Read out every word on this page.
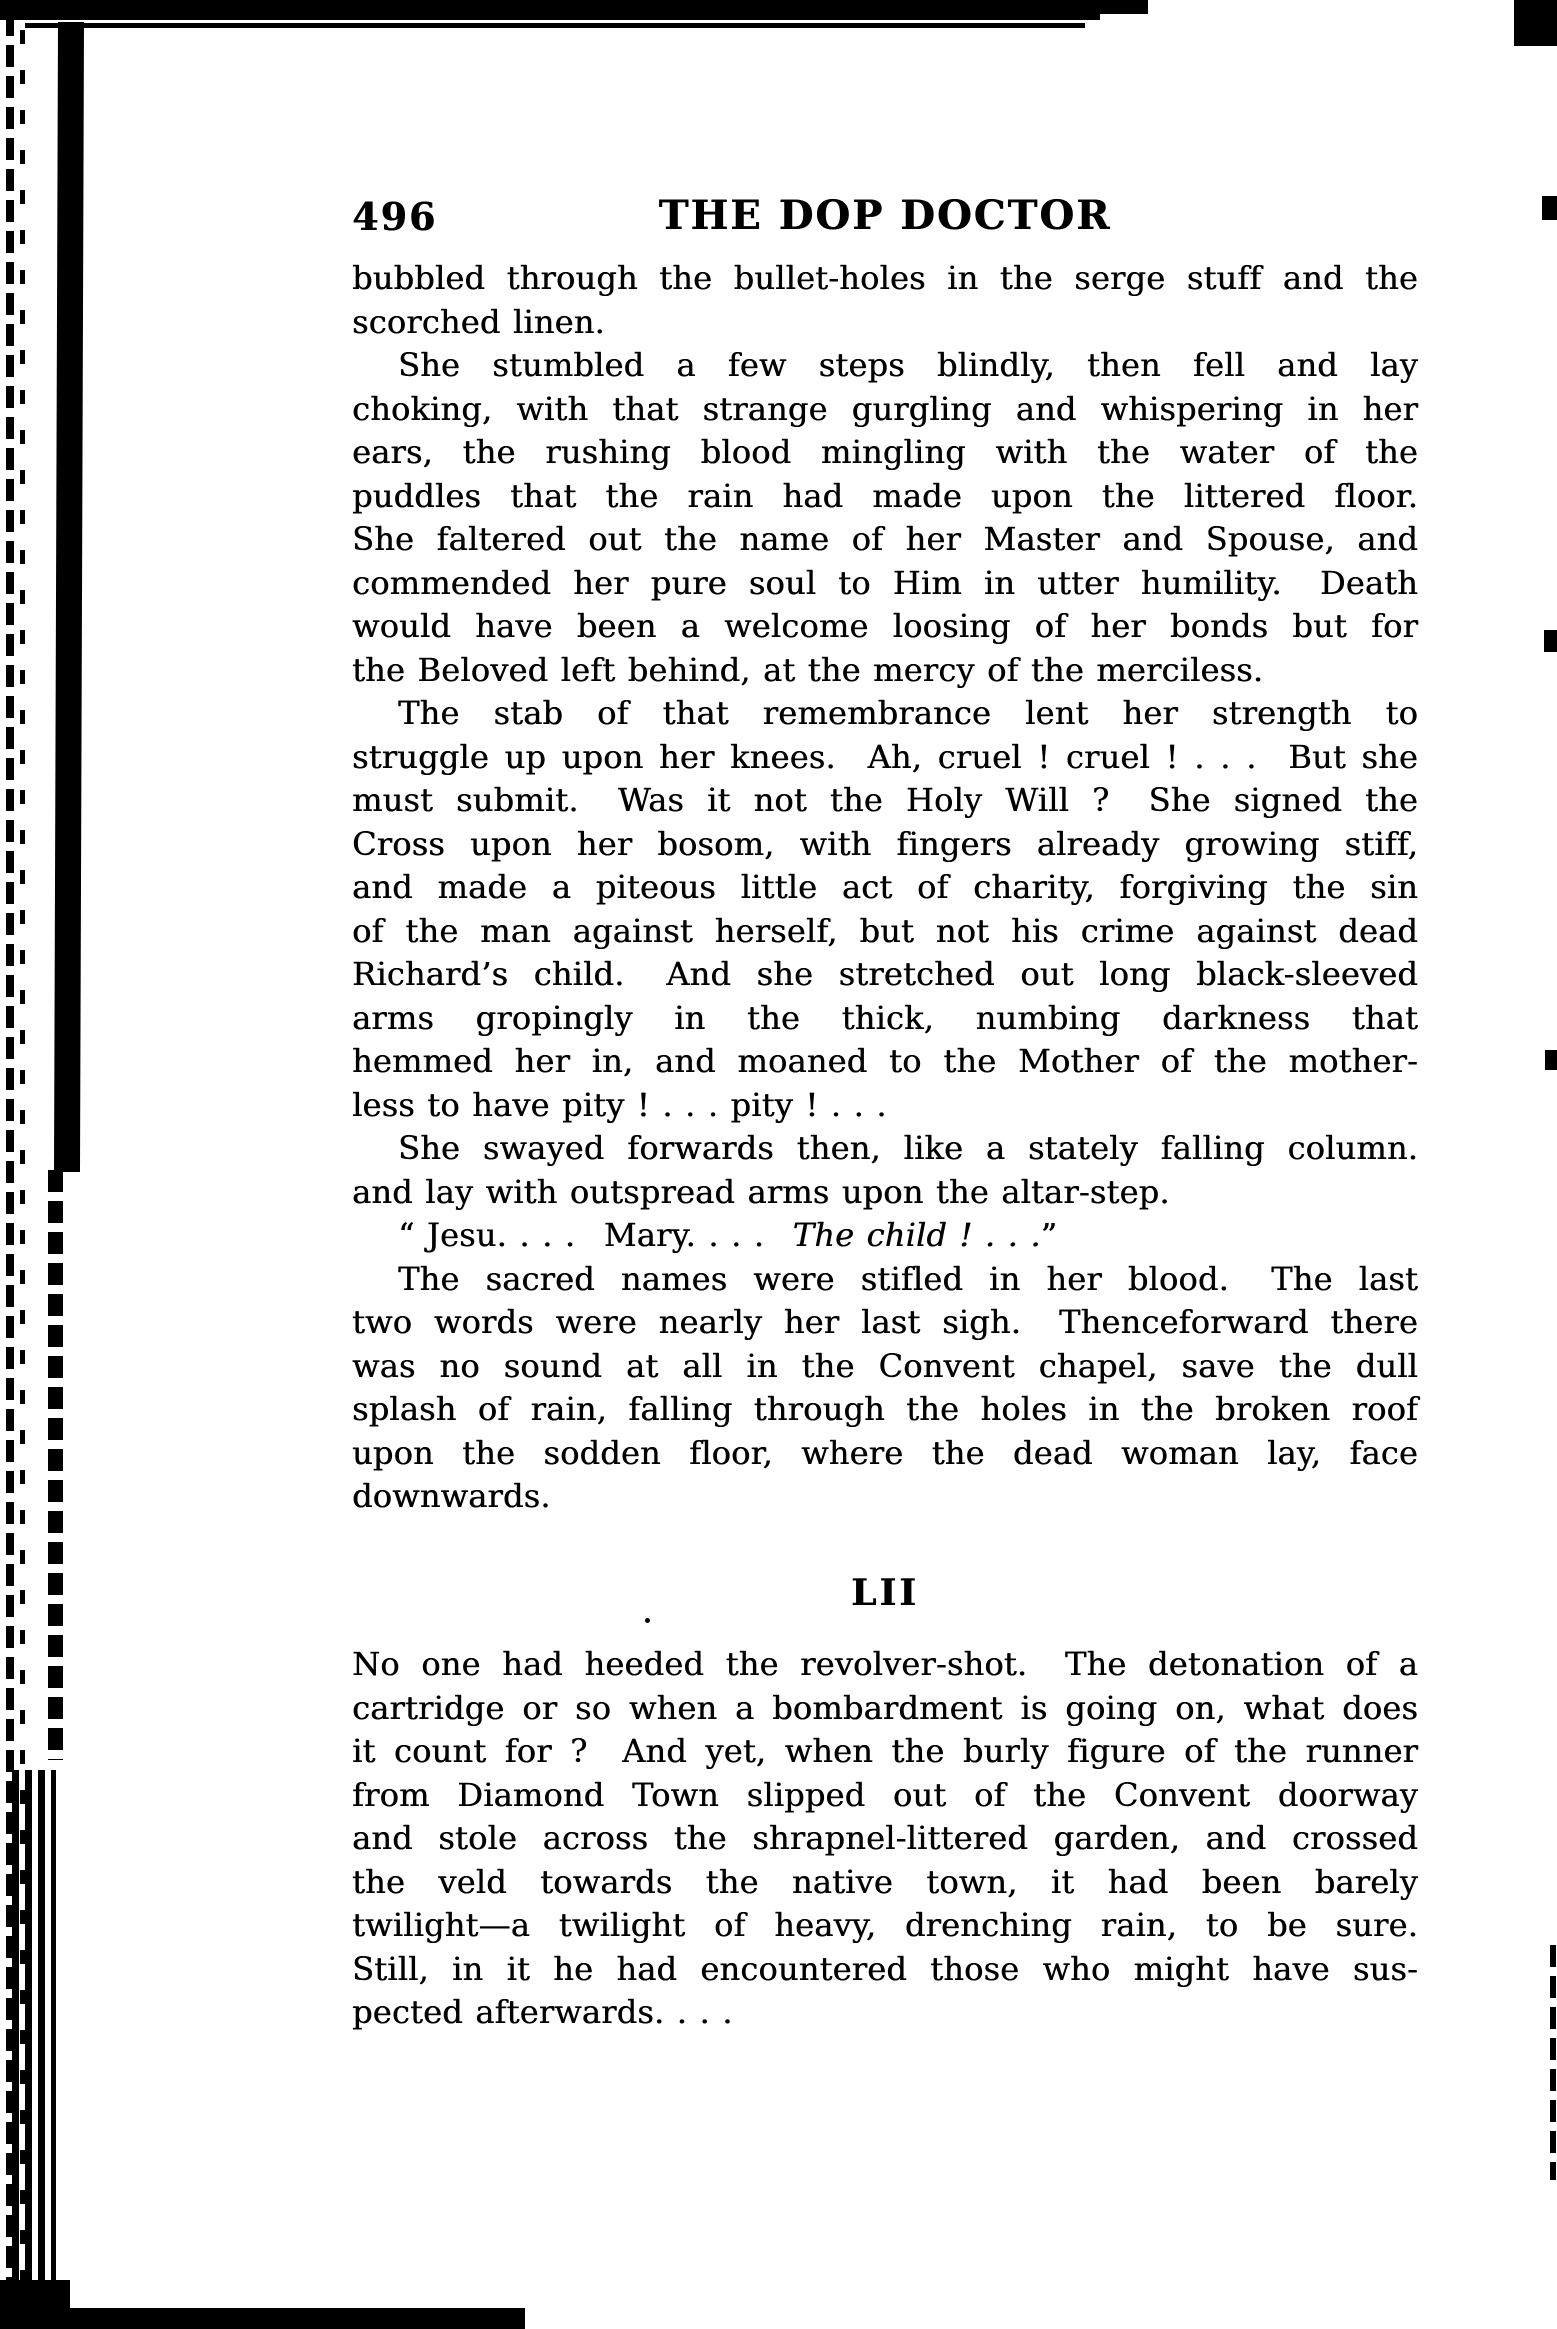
496	THE DOP DOCTOR
bubbled through the bullet-holes in the serge stuff and the
scorched linen.
She stumbled a few steps blindly, then fell and lay
choking, with that strange gurgling and whispering in her
ears, the rushing blood mingling with the water of the
puddles that the rain had made upon the littered floor.
She faltered out the name of her Master and Spouse, and
commended her pure soul to Him in utter humility.  Death
would have been a welcome loosing of her bonds but for
the Beloved left behind, at the mercy of the merciless.
The stab of that remembrance lent her strength to
struggle up upon her knees.  Ah, cruel ! cruel ! . . .  But she
must submit.  Was it not the Holy Will ?  She signed the
Cross upon her bosom, with fingers already growing stiff,
and made a piteous little act of charity, forgiving the sin
of the man against herself, but not his crime against dead
Richard’s child.  And she stretched out long black-sleeved
arms gropingly in the thick, numbing darkness that
hemmed her in, and moaned to the Mother of the mother-
less to have pity ! . . . pity ! . . .
She swayed forwards then, like a stately falling column.
and lay with outspread arms upon the altar-step.
“ Jesu. . . .  Mary. . . .  The child ! . . .”
The sacred names were stifled in her blood.  The last
two words were nearly her last sigh.  Thenceforward there
was no sound at all in the Convent chapel, save the dull
splash of rain, falling through the holes in the broken roof
upon the sodden floor, where the dead woman lay, face
downwards.
LII
No one had heeded the revolver-shot.  The detonation of a
cartridge or so when a bombardment is going on, what does
it count for ?  And yet, when the burly figure of the runner
from Diamond Town slipped out of the Convent doorway
and stole across the shrapnel-littered garden, and crossed
the veld towards the native town, it had been barely
twilight—a twilight of heavy, drenching rain, to be sure.
Still, in it he had encountered those who might have sus-
pected afterwards. . . .
